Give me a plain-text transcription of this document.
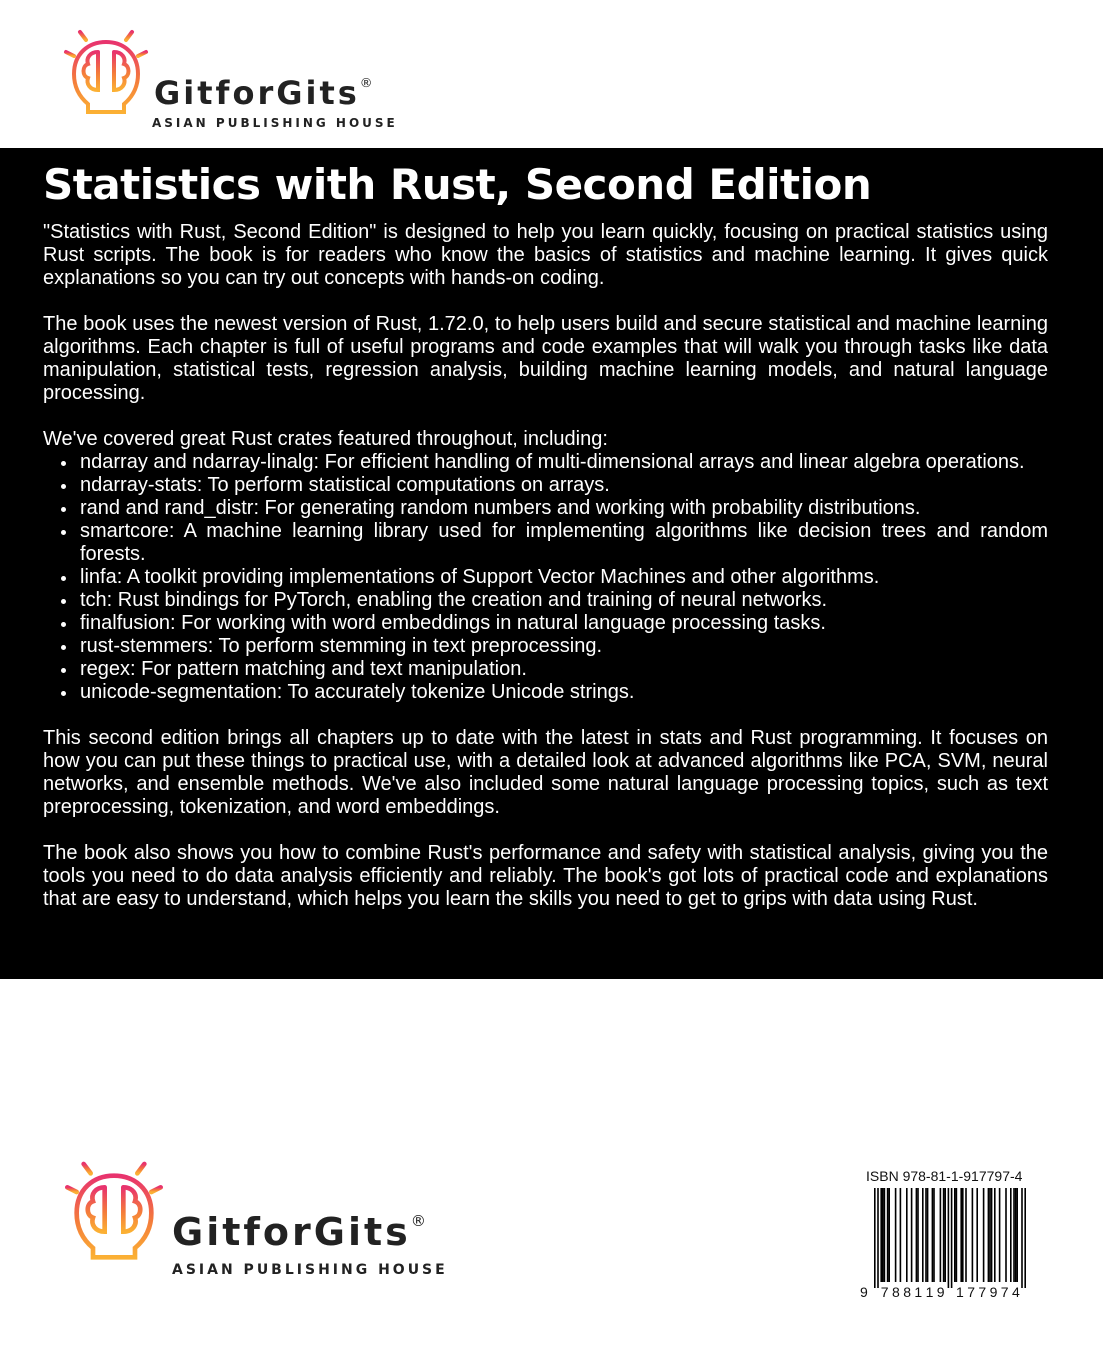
GitforGits®
ASIAN PUBLISHING HOUSE
Statistics with Rust, Second Edition

"Statistics with Rust, Second Edition" is designed to help you learn quickly, focusing on practical statistics using Rust scripts. The book is for readers who know the basics of statistics and machine learning. It gives quick explanations so you can try out concepts with hands-on coding.

The book uses the newest version of Rust, 1.72.0, to help users build and secure statistical and machine learning algorithms. Each chapter is full of useful programs and code examples that will walk you through tasks like data manipulation, statistical tests, regression analysis, building machine learning models, and natural language processing.

We've covered great Rust crates featured throughout, including:

ndarray and ndarray-linalg: For efficient handling of multi-dimensional arrays and linear algebra operations.
ndarray-stats: To perform statistical computations on arrays.
rand and rand_distr: For generating random numbers and working with probability distributions.
smartcore: A machine learning library used for implementing algorithms like decision trees and random forests.
linfa: A toolkit providing implementations of Support Vector Machines and other algorithms.
tch: Rust bindings for PyTorch, enabling the creation and training of neural networks.
finalfusion: For working with word embeddings in natural language processing tasks.
rust-stemmers: To perform stemming in text preprocessing.
regex: For pattern matching and text manipulation.
unicode-segmentation: To accurately tokenize Unicode strings.

This second edition brings all chapters up to date with the latest in stats and Rust programming. It focuses on how you can put these things to practical use, with a detailed look at advanced algorithms like PCA, SVM, neural networks, and ensemble methods. We've also included some natural language processing topics, such as text preprocessing, tokenization, and word embeddings.

The book also shows you how to combine Rust's performance and safety with statistical analysis, giving you the tools you need to do data analysis efficiently and reliably. The book's got lots of practical code and explanations that are easy to understand, which helps you learn the skills you need to get to grips with data using Rust.

GitforGits®
ASIAN PUBLISHING HOUSE
ISBN 978-81-1-917797-4
9 7 8 8 1 1 9 1 7 7 9 7 4
